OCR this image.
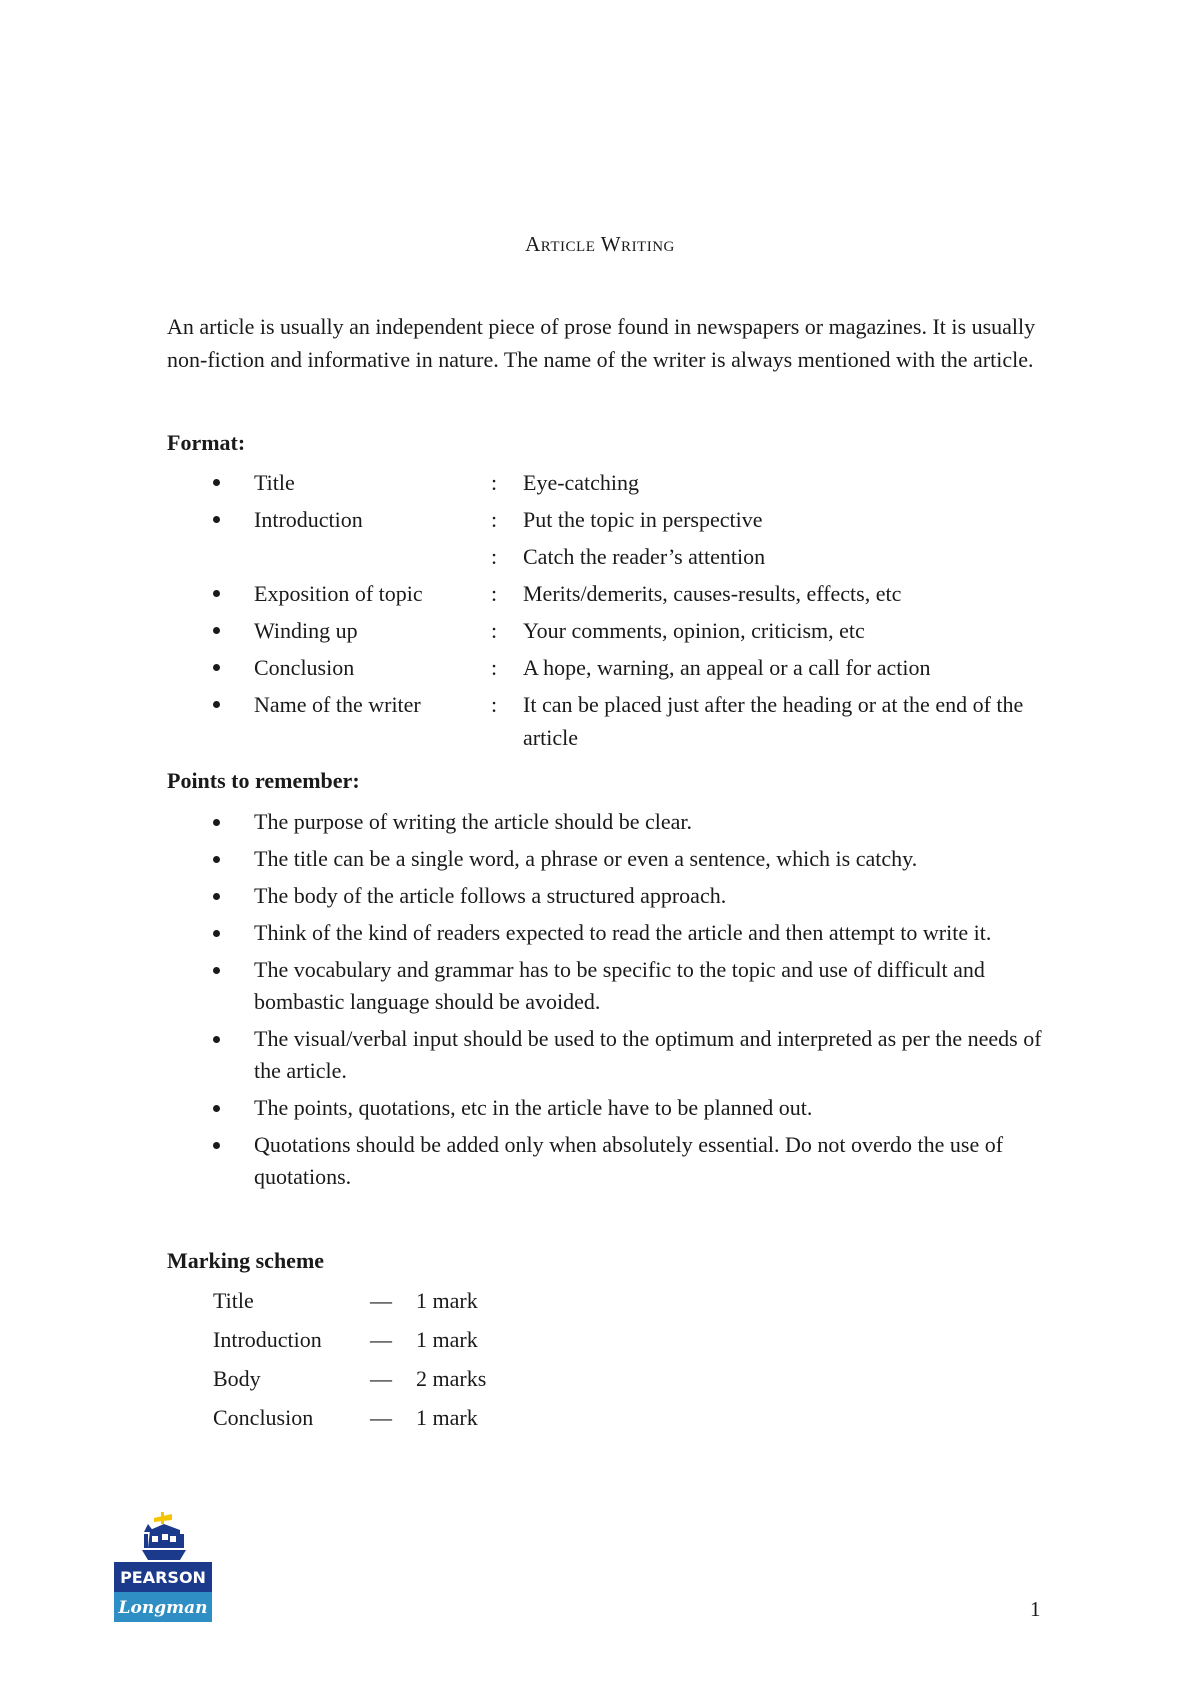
Article Writing
An article is usually an independent piece of prose found in newspapers or magazines. It is usually non-fiction and informative in nature. The name of the writer is always mentioned with the article.
Format:
Title	: Eye-catching
Introduction	: Put the topic in perspective
: Catch the reader’s attention
Exposition of topic	: Merits/demerits, causes-results, effects, etc
Winding up	: Your comments, opinion, criticism, etc
Conclusion	: A hope, warning, an appeal or a call for action
Name of the writer	: It can be placed just after the heading or at the end of the article
Points to remember:
The purpose of writing the article should be clear.
The title can be a single word, a phrase or even a sentence, which is catchy.
The body of the article follows a structured approach.
Think of the kind of readers expected to read the article and then attempt to write it.
The vocabulary and grammar has to be specific to the topic and use of difficult and bombastic language should be avoided.
The visual/verbal input should be used to the optimum and interpreted as per the needs of the article.
The points, quotations, etc in the article have to be planned out.
Quotations should be added only when absolutely essential. Do not overdo the use of quotations.
Marking scheme
Title	— 1 mark
Introduction — 1 mark
Body	— 2 marks
Conclusion	— 1 mark
PEARSON
Longman	1
